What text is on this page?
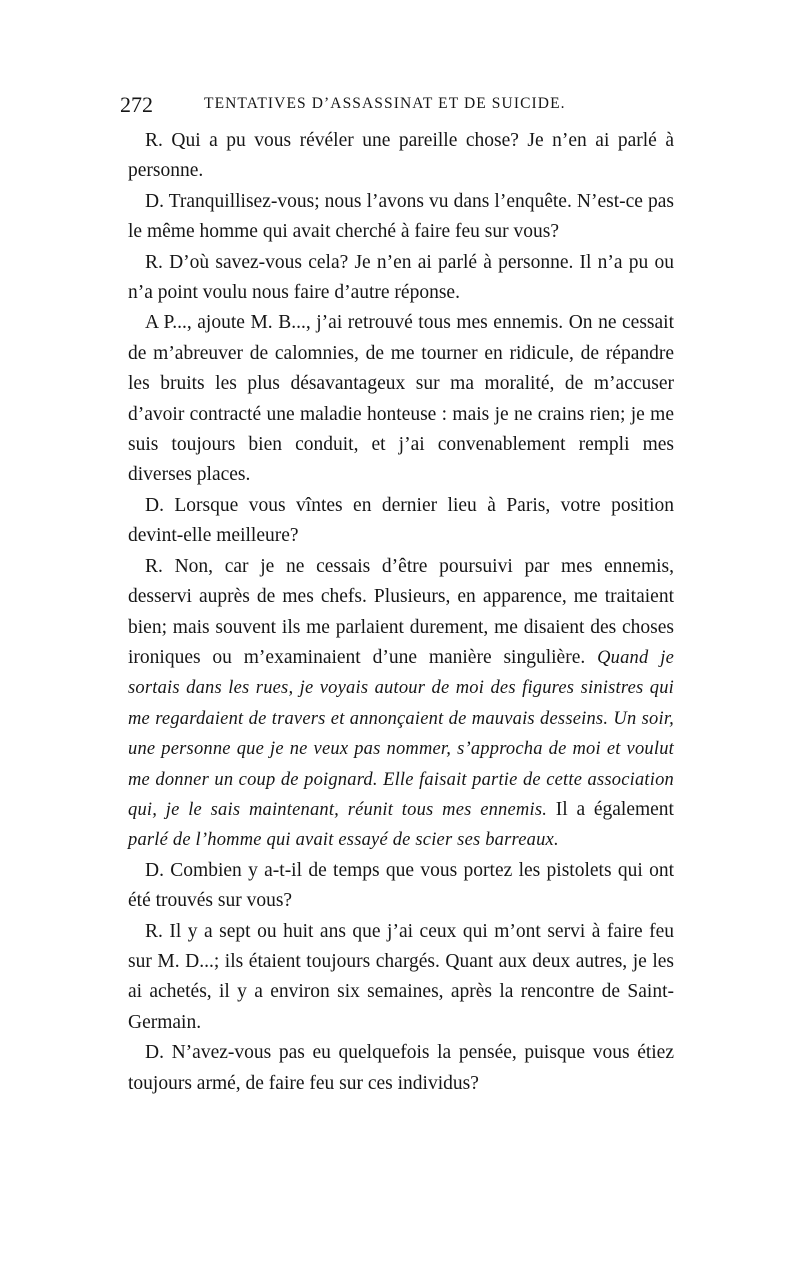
272	TENTATIVES D’ASSASSINAT ET DE SUICIDE.

R. Qui a pu vous révéler une pareille chose? Je n’en ai parlé à personne.

D. Tranquillisez-vous; nous l’avons vu dans l’enquête. N’est-ce pas le même homme qui avait cherché à faire feu sur vous?

R. D’où savez-vous cela? Je n’en ai parlé à personne. Il n’a pu ou n’a point voulu nous faire d’autre réponse.

A P..., ajoute M. B..., j’ai retrouvé tous mes ennemis. On ne cessait de m’abreuver de calomnies, de me tourner en ridicule, de répandre les bruits les plus désavantageux sur ma moralité, de m’accuser d’avoir contracté une maladie honteuse : mais je ne crains rien; je me suis toujours bien conduit, et j’ai convenablement rempli mes diverses places.

D. Lorsque vous vîntes en dernier lieu à Paris, votre position devint-elle meilleure?

R. Non, car je ne cessais d’être poursuivi par mes ennemis, desservi auprès de mes chefs. Plusieurs, en apparence, me traitaient bien; mais souvent ils me parlaient durement, me disaient des choses ironiques ou m’examinaient d’une manière singulière. Quand je sortais dans les rues, je voyais autour de moi des figures sinistres qui me regardaient de travers et annonçaient de mauvais desseins. Un soir, une personne que je ne veux pas nommer, s’approcha de moi et voulut me donner un coup de poignard. Elle faisait partie de cette association qui, je le sais maintenant, réunit tous mes ennemis. Il a également parlé de l’homme qui avait essayé de scier ses barreaux.

D. Combien y a-t-il de temps que vous portez les pistolets qui ont été trouvés sur vous?

R. Il y a sept ou huit ans que j’ai ceux qui m’ont servi à faire feu sur M. D...; ils étaient toujours chargés. Quant aux deux autres, je les ai achetés, il y a environ six semaines, après la rencontre de Saint-Germain.

D. N’avez-vous pas eu quelquefois la pensée, puisque vous étiez toujours armé, de faire feu sur ces individus?
